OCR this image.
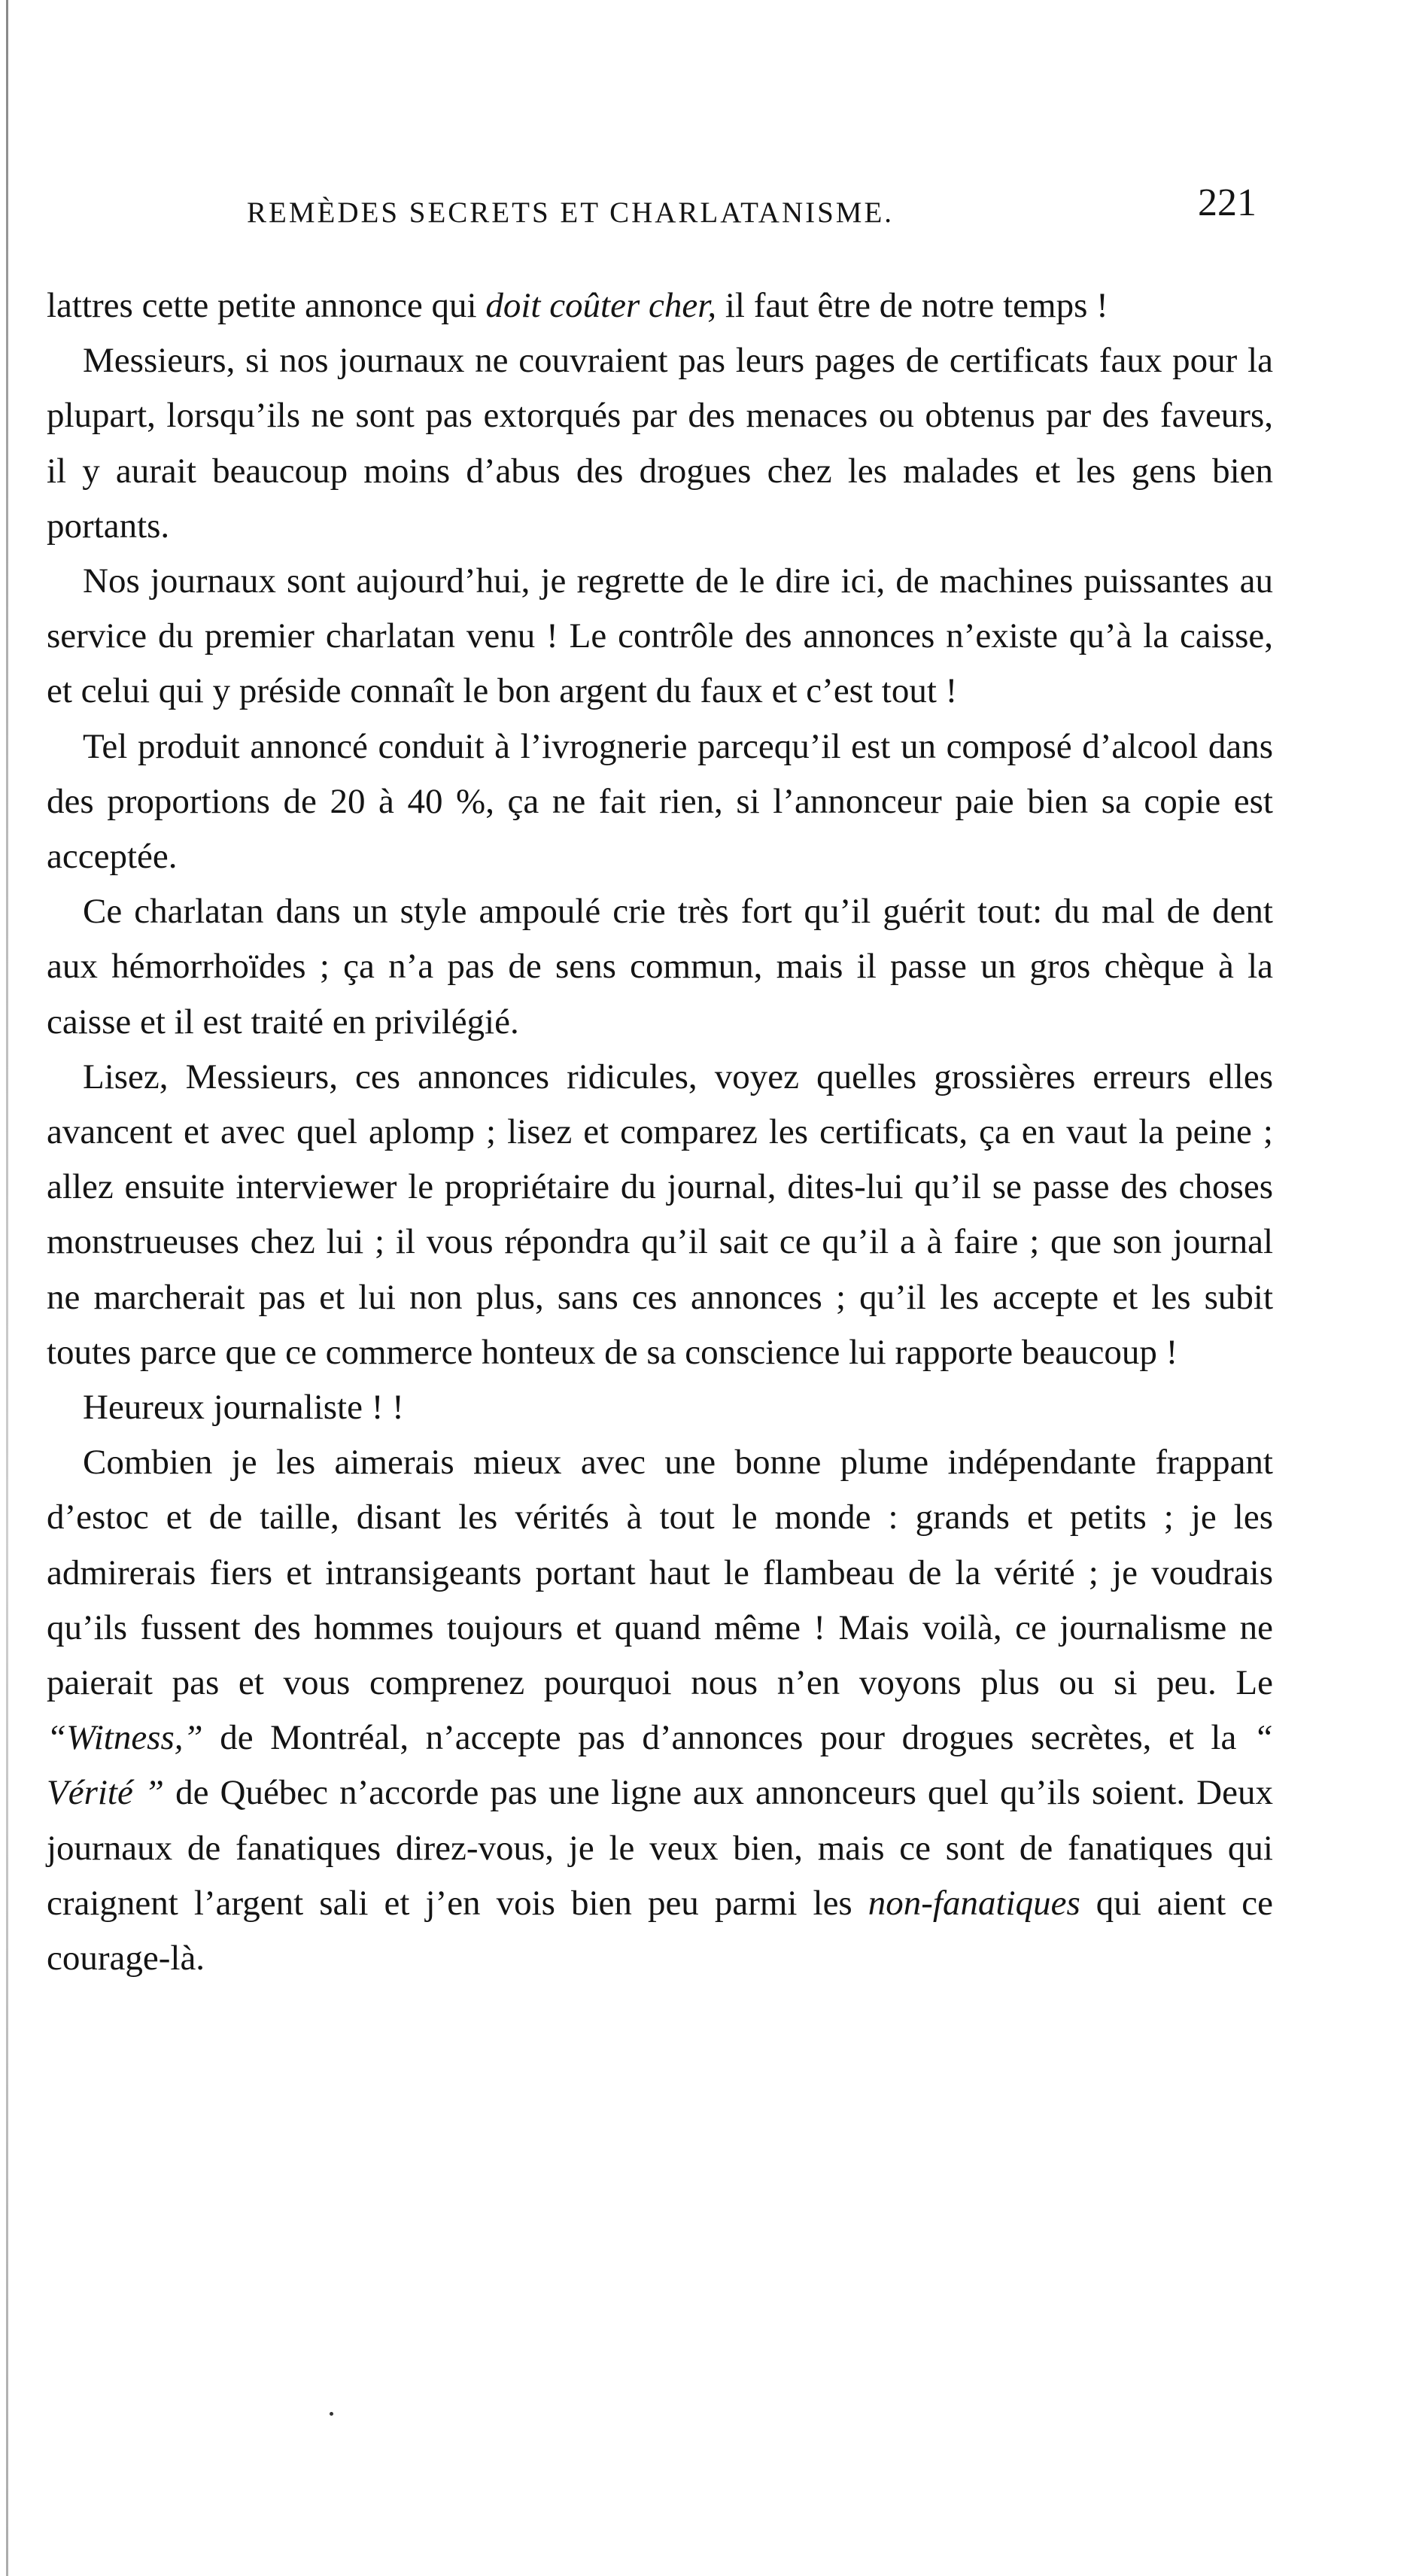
REMÈDES SECRETS ET CHARLATANISME.	221

lattres cette petite annonce qui doit coûter cher, il faut être de notre temps !

Messieurs, si nos journaux ne couvraient pas leurs pages de certificats faux pour la plupart, lorsqu’ils ne sont pas extorqués par des menaces ou obtenus par des faveurs, il y aurait beaucoup moins d’abus des drogues chez les malades et les gens bien portants.

Nos journaux sont aujourd’hui, je regrette de le dire ici, de machines puissantes au service du premier charlatan venu ! Le contrôle des annonces n’existe qu’à la caisse, et celui qui y préside connaît le bon argent du faux et c’est tout !

Tel produit annoncé conduit à l’ivrognerie parcequ’il est un composé d’alcool dans des proportions de 20 à 40 %, ça ne fait rien, si l’annonceur paie bien sa copie est acceptée.

Ce charlatan dans un style ampoulé crie très fort qu’il guérit tout: du mal de dent aux hémorrhoïdes ; ça n’a pas de sens commun, mais il passe un gros chèque à la caisse et il est traité en privilégié.

Lisez, Messieurs, ces annonces ridicules, voyez quelles grossières erreurs elles avancent et avec quel aplomp ; lisez et comparez les certificats, ça en vaut la peine ; allez ensuite interviewer le propriétaire du journal, dites-lui qu’il se passe des choses monstrueuses chez lui ; il vous répondra qu’il sait ce qu’il a à faire ; que son journal ne marcherait pas et lui non plus, sans ces annonces ; qu’il les accepte et les subit toutes parce que ce commerce honteux de sa conscience lui rapporte beaucoup !

Heureux journaliste ! !

Combien je les aimerais mieux avec une bonne plume indépendante frappant d’estoc et de taille, disant les vérités à tout le monde : grands et petits ; je les admirerais fiers et intransigeants portant haut le flambeau de la vérité ; je voudrais qu’ils fussent des hommes toujours et quand même ! Mais voilà, ce journalisme ne paierait pas et vous comprenez pourquoi nous n’en voyons plus ou si peu. Le “Witness,” de Montréal, n’accepte pas d’annonces pour drogues secrètes, et la “ Vérité ” de Québec n’accorde pas une ligne aux annonceurs quel qu’ils soient. Deux journaux de fanatiques direz-vous, je le veux bien, mais ce sont de fanatiques qui craignent l’argent sali et j’en vois bien peu parmi les non-fanatiques qui aient ce courage-là.
